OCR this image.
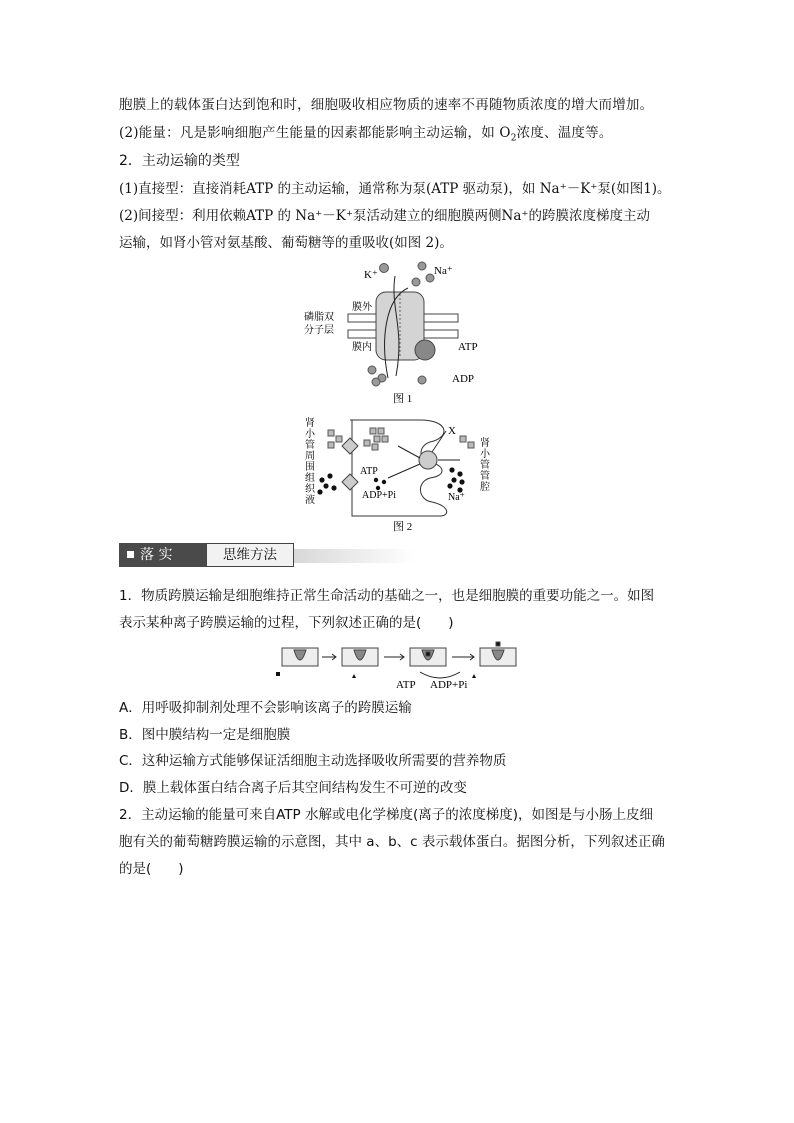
胞膜上的载体蛋白达到饱和时，细胞吸收相应物质的速率不再随物质浓度的增大而增加。
(2)能量：凡是影响细胞产生能量的因素都能影响主动运输，如 $O_2$浓度、温度等。
2．主动运输的类型
(1)直接型：直接消耗ATP 的主动运输，通常称为泵(ATP 驱动泵)，如 Na⁺－K⁺泵(如图1)。
(2)间接型：利用依赖ATP 的 Na⁺－K⁺泵活动建立的细胞膜两侧Na⁺的跨膜浓度梯度主动
运输，如肾小管对氨基酸、葡萄糖等的重吸收(如图 2)。
K⁺	Na⁺
磷脂双
分子层
膜外
膜内	ATP
ADP
图 1
肾
小
管
周
围
组
织
液
肾
小
管
管
腔
X
ATP
ADP+Pi	Na⁺
图 2
落 实	思维方法
1．物质跨膜运输是细胞维持正常生命活动的基础之一，也是细胞膜的重要功能之一。如图
表示某种离子跨膜运输的过程，下列叙述正确的是(　　)
ATP ADP+Pi
A．用呼吸抑制剂处理不会影响该离子的跨膜运输
B．图中膜结构一定是细胞膜
C．这种运输方式能够保证活细胞主动选择吸收所需要的营养物质
D．膜上载体蛋白结合离子后其空间结构发生不可逆的改变
2．主动运输的能量可来自ATP 水解或电化学梯度(离子的浓度梯度)，如图是与小肠上皮细
胞有关的葡萄糖跨膜运输的示意图，其中 a、b、c 表示载体蛋白。据图分析，下列叙述正确
的是(　　)
